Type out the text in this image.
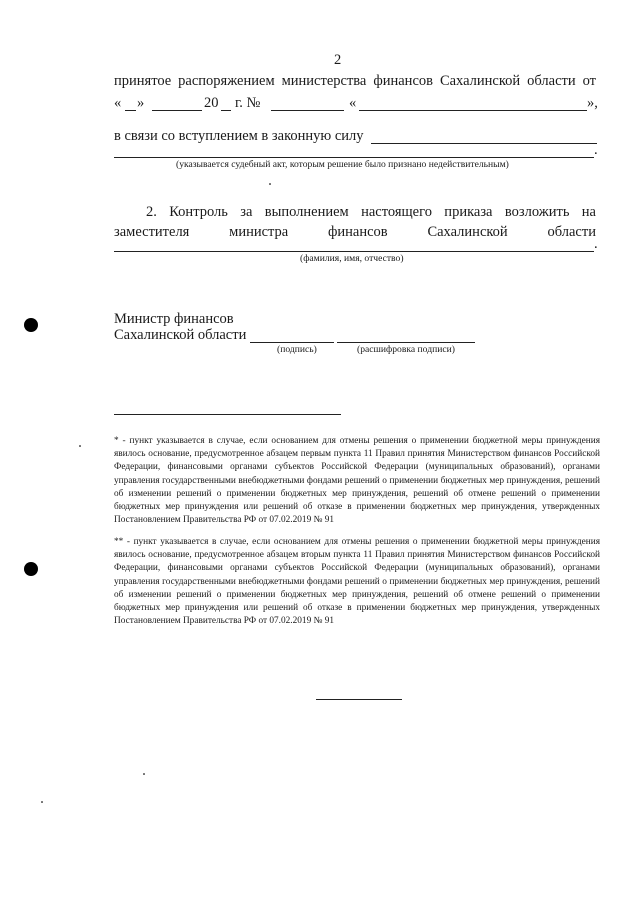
2
принятое распоряжением министерства финансов Сахалинской области от
« »	20 г. №	«	»,
в связи со вступлением в законную силу
.
(указывается судебный акт, которым решение было признано недействительным)
2. Контроль за выполнением настоящего приказа возложить на
заместителя	министра	финансов	Сахалинской	области
.
(фамилия, имя, отчество)
Министр финансов
Сахалинской области
(подпись)	(расшифровка подписи)
* - пункт указывается в случае, если основанием для отмены решения о применении бюджетной меры принуждения явилось основание, предусмотренное абзацем первым пункта 11 Правил принятия Министерством финансов Российской Федерации, финансовыми органами субъектов Российской Федерации (муниципальных образований), органами управления государственными внебюджетными фондами решений о применении бюджетных мер принуждения, решений об изменении решений о применении бюджетных мер принуждения, решений об отмене решений о применении бюджетных мер принуждения или решений об отказе в применении бюджетных мер принуждения, утвержденных Постановлением Правительства РФ от 07.02.2019 № 91
** - пункт указывается в случае, если основанием для отмены решения о применении бюджетной меры принуждения явилось основание, предусмотренное абзацем вторым пункта 11 Правил принятия Министерством финансов Российской Федерации, финансовыми органами субъектов Российской Федерации (муниципальных образований), органами управления государственными внебюджетными фондами решений о применении бюджетных мер принуждения, решений об изменении решений о применении бюджетных мер принуждения, решений об отмене решений о применении бюджетных мер принуждения или решений об отказе в применении бюджетных мер принуждения, утвержденных Постановлением Правительства РФ от 07.02.2019 № 91
